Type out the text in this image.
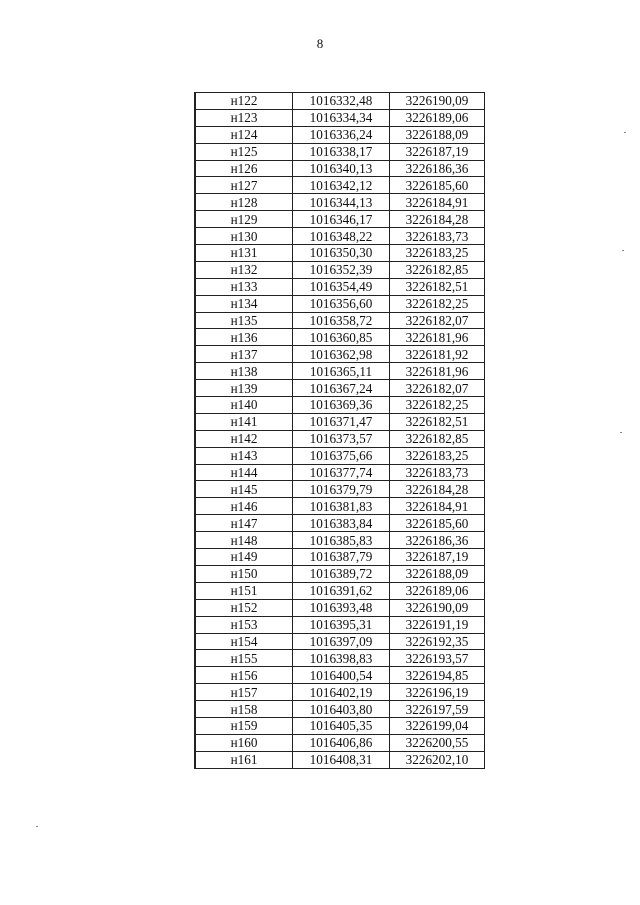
8
н122	1016332,48	3226190,09
н123	1016334,34	3226189,06
н124	1016336,24	3226188,09
н125	1016338,17	3226187,19
н126	1016340,13	3226186,36
н127	1016342,12	3226185,60
н128	1016344,13	3226184,91
н129	1016346,17	3226184,28
н130	1016348,22	3226183,73
н131	1016350,30	3226183,25
н132	1016352,39	3226182,85
н133	1016354,49	3226182,51
н134	1016356,60	3226182,25
н135	1016358,72	3226182,07
н136	1016360,85	3226181,96
н137	1016362,98	3226181,92
н138	1016365,11	3226181,96
н139	1016367,24	3226182,07
н140	1016369,36	3226182,25
н141	1016371,47	3226182,51
н142	1016373,57	3226182,85
н143	1016375,66	3226183,25
н144	1016377,74	3226183,73
н145	1016379,79	3226184,28
н146	1016381,83	3226184,91
н147	1016383,84	3226185,60
н148	1016385,83	3226186,36
н149	1016387,79	3226187,19
н150	1016389,72	3226188,09
н151	1016391,62	3226189,06
н152	1016393,48	3226190,09
н153	1016395,31	3226191,19
н154	1016397,09	3226192,35
н155	1016398,83	3226193,57
н156	1016400,54	3226194,85
н157	1016402,19	3226196,19
н158	1016403,80	3226197,59
н159	1016405,35	3226199,04
н160	1016406,86	3226200,55
н161	1016408,31	3226202,10
